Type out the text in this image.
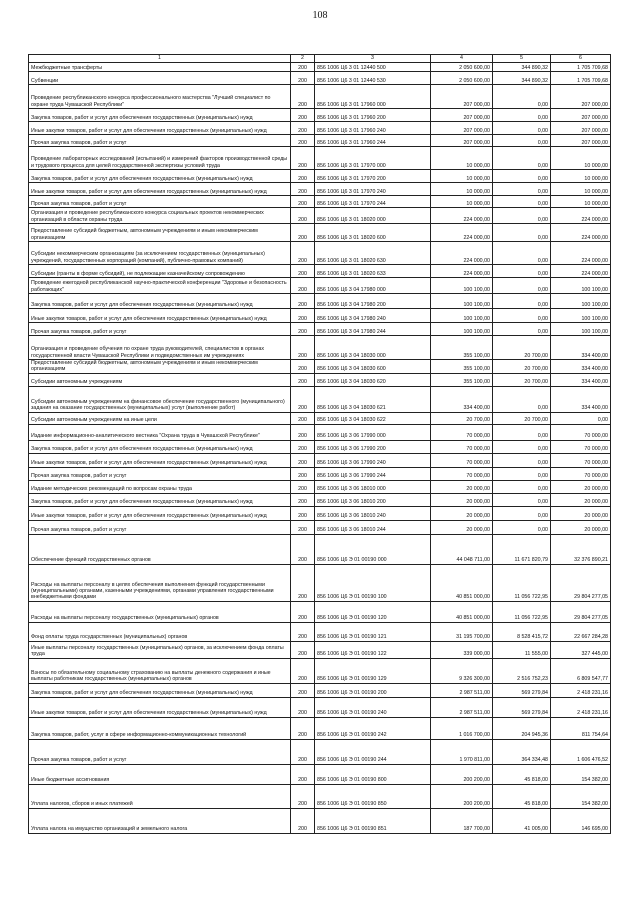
108
1	2	3	4	5	6
Межбюджетные трансферты	200	856 1006 Ц6 3 01 12440 500	2 050 600,00	344 890,32	1 705 709,68
Субвенции	200	856 1006 Ц6 3 01 12440 530	2 050 600,00	344 890,32	1 705 709,68
Проведение республиканского конкурса профессионального мастерства "Лучший специалист по охране труда Чувашской Республики"	200	856 1006 Ц6 3 01 17960 000	207 000,00	0,00	207 000,00
Закупка товаров, работ и услуг для обеспечения государственных (муниципальных) нужд	200	856 1006 Ц6 3 01 17960 200	207 000,00	0,00	207 000,00
Иные закупки товаров, работ и услуг для обеспечения государственных (муниципальных) нужд	200	856 1006 Ц6 3 01 17960 240	207 000,00	0,00	207 000,00
Прочая закупка товаров, работ и услуг	200	856 1006 Ц6 3 01 17960 244	207 000,00	0,00	207 000,00
Проведение лабораторных исследований (испытаний) и измерений факторов производственной среды и трудового процесса для целей государственной экспертизы условий труда	200	856 1006 Ц6 3 01 17970 000	10 000,00	0,00	10 000,00
Закупка товаров, работ и услуг для обеспечения государственных (муниципальных) нужд	200	856 1006 Ц6 3 01 17970 200	10 000,00	0,00	10 000,00
Иные закупки товаров, работ и услуг для обеспечения государственных (муниципальных) нужд	200	856 1006 Ц6 3 01 17970 240	10 000,00	0,00	10 000,00
Прочая закупка товаров, работ и услуг	200	856 1006 Ц6 3 01 17970 244	10 000,00	0,00	10 000,00
Организация и проведение республиканского конкурса социальных проектов некоммерческих организаций в области охраны труда	200	856 1006 Ц6 3 01 18020 000	224 000,00	0,00	224 000,00
Предоставление субсидий бюджетным, автономным учреждениям и иным некоммерческим организациям	200	856 1006 Ц6 3 01 18020 600	224 000,00	0,00	224 000,00
Субсидии некоммерческим организациям (за исключением государственных (муниципальных) учреждений, государственных корпораций (компаний), публично-правовых компаний)	200	856 1006 Ц6 3 01 18020 630	224 000,00	0,00	224 000,00
Субсидии (гранты в форме субсидий), не подлежащие казначейскому сопровождению	200	856 1006 Ц6 3 01 18020 633	224 000,00	0,00	224 000,00
Проведение ежегодной республиканской научно-практической конференции "Здоровье и безопасность работающих"	200	856 1006 Ц6 3 04 17980 000	100 100,00	0,00	100 100,00
Закупка товаров, работ и услуг для обеспечения государственных (муниципальных) нужд	200	856 1006 Ц6 3 04 17980 200	100 100,00	0,00	100 100,00
Иные закупки товаров, работ и услуг для обеспечения государственных (муниципальных) нужд	200	856 1006 Ц6 3 04 17980 240	100 100,00	0,00	100 100,00
Прочая закупка товаров, работ и услуг	200	856 1006 Ц6 3 04 17980 244	100 100,00	0,00	100 100,00
Организация и проведение обучения по охране труда руководителей, специалистов в органах государственной власти Чувашской Республики и подведомственных им учреждениях	200	856 1006 Ц6 3 04 18030 000	355 100,00	20 700,00	334 400,00
Предоставление субсидий бюджетным, автономным учреждениям и иным некоммерческим организациям	200	856 1006 Ц6 3 04 18030 600	355 100,00	20 700,00	334 400,00
Субсидии автономным учреждениям	200	856 1006 Ц6 3 04 18030 620	355 100,00	20 700,00	334 400,00
Субсидии автономным учреждениям на финансовое обеспечение государственного (муниципального) задания на оказание государственных (муниципальных) услуг (выполнение работ)	200	856 1006 Ц6 3 04 18030 621	334 400,00	0,00	334 400,00
Субсидии автономным учреждениям на иные цели	200	856 1006 Ц6 3 04 18030 622	20 700,00	20 700,00	0,00
Издание информационно-аналитического вестника "Охрана труда в Чувашской Республике"	200	856 1006 Ц6 3 06 17990 000	70 000,00	0,00	70 000,00
Закупка товаров, работ и услуг для обеспечения государственных (муниципальных) нужд	200	856 1006 Ц6 3 06 17990 200	70 000,00	0,00	70 000,00
Иные закупки товаров, работ и услуг для обеспечения государственных (муниципальных) нужд	200	856 1006 Ц6 3 06 17990 240	70 000,00	0,00	70 000,00
Прочая закупка товаров, работ и услуг	200	856 1006 Ц6 3 06 17990 244	70 000,00	0,00	70 000,00
Издание методических рекомендаций по вопросам охраны труда	200	856 1006 Ц6 3 06 18010 000	20 000,00	0,00	20 000,00
Закупка товаров, работ и услуг для обеспечения государственных (муниципальных) нужд	200	856 1006 Ц6 3 06 18010 200	20 000,00	0,00	20 000,00
Иные закупки товаров, работ и услуг для обеспечения государственных (муниципальных) нужд	200	856 1006 Ц6 3 06 18010 240	20 000,00	0,00	20 000,00
Прочая закупка товаров, работ и услуг	200	856 1006 Ц6 3 06 18010 244	20 000,00	0,00	20 000,00
Обеспечение функций государственных органов	200	856 1006 Ц6 Э 01 00190 000	44 048 711,00	11 671 820,79	32 376 890,21
Расходы на выплаты персоналу в целях обеспечения выполнения функций государственными (муниципальными) органами, казенными учреждениями, органами управления государственными внебюджетными фондами	200	856 1006 Ц6 Э 01 00190 100	40 851 000,00	11 056 722,95	29 804 277,05
Расходы на выплаты персоналу государственных (муниципальных) органов	200	856 1006 Ц6 Э 01 00190 120	40 851 000,00	11 056 722,95	29 804 277,05
Фонд оплаты труда государственных (муниципальных) органов	200	856 1006 Ц6 Э 01 00190 121	31 195 700,00	8 528 415,72	22 667 284,28
Иные выплаты персоналу государственных (муниципальных) органов, за исключением фонда оплаты труда	200	856 1006 Ц6 Э 01 00190 122	339 000,00	11 555,00	327 445,00
Взносы по обязательному социальному страхованию на выплаты денежного содержания и иные выплаты работникам государственных (муниципальных) органов	200	856 1006 Ц6 Э 01 00190 129	9 326 300,00	2 516 752,23	6 809 547,77
Закупка товаров, работ и услуг для обеспечения государственных (муниципальных) нужд	200	856 1006 Ц6 Э 01 00190 200	2 987 511,00	569 279,84	2 418 231,16
Иные закупки товаров, работ и услуг для обеспечения государственных (муниципальных) нужд	200	856 1006 Ц6 Э 01 00190 240	2 987 511,00	569 279,84	2 418 231,16
Закупка товаров, работ, услуг в сфере информационно-коммуникационных технологий	200	856 1006 Ц6 Э 01 00190 242	1 016 700,00	204 945,36	811 754,64
Прочая закупка товаров, работ и услуг	200	856 1006 Ц6 Э 01 00190 244	1 970 811,00	364 334,48	1 606 476,52
Иные бюджетные ассигнования	200	856 1006 Ц6 Э 01 00190 800	200 200,00	45 818,00	154 382,00
Уплата налогов, сборов и иных платежей	200	856 1006 Ц6 Э 01 00190 850	200 200,00	45 818,00	154 382,00
Уплата налога на имущество организаций и земельного налога	200	856 1006 Ц6 Э 01 00190 851	187 700,00	41 005,00	146 695,00
